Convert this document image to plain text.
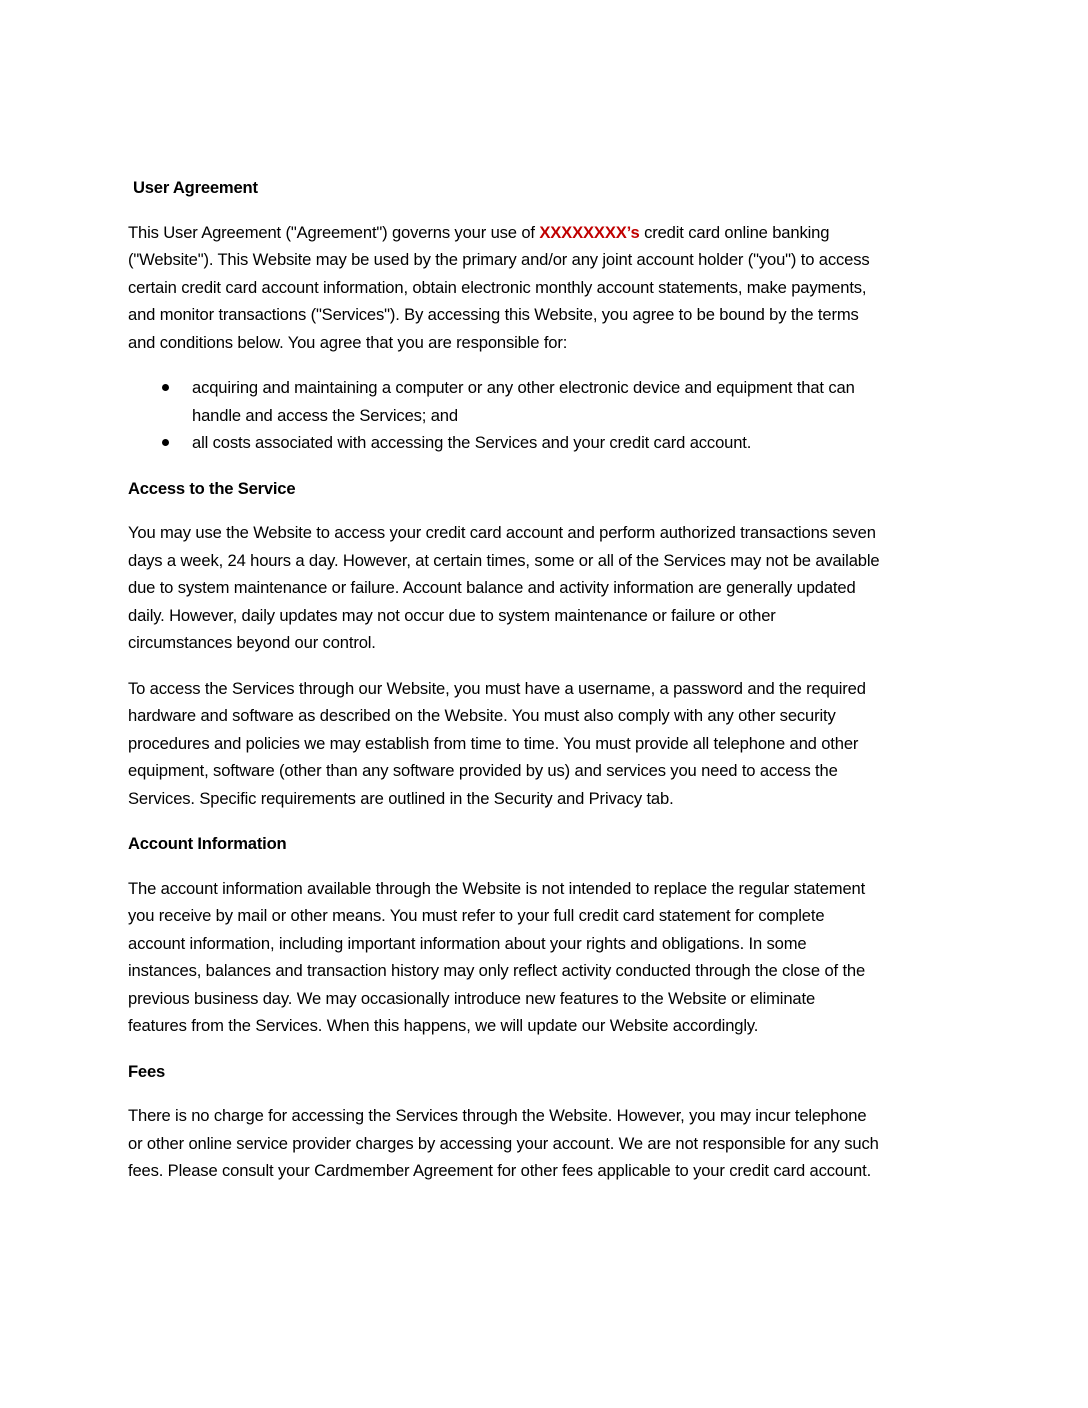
User Agreement
This User Agreement ("Agreement") governs your use of XXXXXXXX’s credit card online banking
("Website"). This Website may be used by the primary and/or any joint account holder ("you") to access
certain credit card account information, obtain electronic monthly account statements, make payments,
and monitor transactions ("Services"). By accessing this Website, you agree to be bound by the terms
and conditions below. You agree that you are responsible for:
acquiring and maintaining a computer or any other electronic device and equipment that can
handle and access the Services; and
all costs associated with accessing the Services and your credit card account.
Access to the Service
You may use the Website to access your credit card account and perform authorized transactions seven
days a week, 24 hours a day. However, at certain times, some or all of the Services may not be available
due to system maintenance or failure. Account balance and activity information are generally updated
daily. However, daily updates may not occur due to system maintenance or failure or other
circumstances beyond our control.
To access the Services through our Website, you must have a username, a password and the required
hardware and software as described on the Website. You must also comply with any other security
procedures and policies we may establish from time to time. You must provide all telephone and other
equipment, software (other than any software provided by us) and services you need to access the
Services. Specific requirements are outlined in the Security and Privacy tab.
Account Information
The account information available through the Website is not intended to replace the regular statement
you receive by mail or other means. You must refer to your full credit card statement for complete
account information, including important information about your rights and obligations. In some
instances, balances and transaction history may only reflect activity conducted through the close of the
previous business day. We may occasionally introduce new features to the Website or eliminate
features from the Services. When this happens, we will update our Website accordingly.
Fees
There is no charge for accessing the Services through the Website. However, you may incur telephone
or other online service provider charges by accessing your account. We are not responsible for any such
fees. Please consult your Cardmember Agreement for other fees applicable to your credit card account.
